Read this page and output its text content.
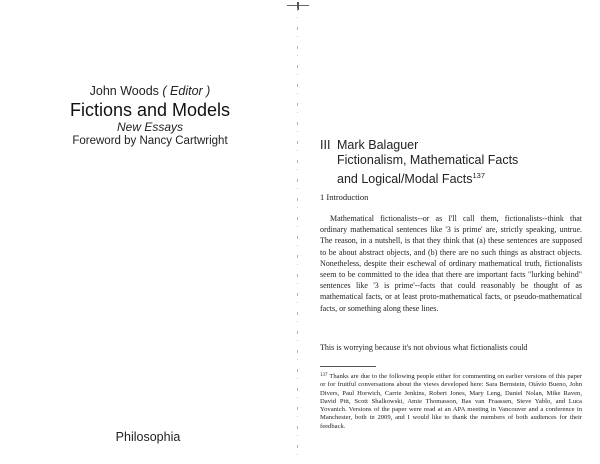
John Woods ( Editor )
Fictions and Models
New Essays
Foreword by Nancy Cartwright
Philosophia
III Mark Balaguer
Fictionalism, Mathematical Facts
and Logical/Modal Facts$^{137}$
1 Introduction

Mathematical fictionalists--or as I'll call them, fictionalists--think that ordinary mathematical sentences like '3 is prime' are, strictly speaking, untrue. The reason, in a nutshell, is that they think that (a) these sentences are supposed to be about abstract objects, and (b) there are no such things as abstract objects. Nonetheless, despite their eschewal of ordinary mathematical truth, fictionalists seem to be committed to the idea that there are important facts "lurking behind" sentences like '3 is prime'--facts that could reasonably be thought of as mathematical facts, or at least proto-mathematical facts, or pseudo-mathematical facts, or something along these lines.

This is worrying because it's not obvious what fictionalists could

$^{137}$ Thanks are due to the following people either for commenting on earlier versions of this paper or for fruitful conversations about the views developed here: Sara Bernstein, Otávio Bueno, John Divers, Paul Horwich, Carrie Jenkins, Robert Jones, Mary Leng, Daniel Nolan, Mike Raven, David Pitt, Scott Shalkowski, Amie Thomasson, Bas van Fraassen, Steve Yablo, and Luca Yovanich. Versions of the paper were read at an APA meeting in Vancouver and a conference in Manchester, both in 2009, and I would like to thank the members of both audiences for their feedback.
